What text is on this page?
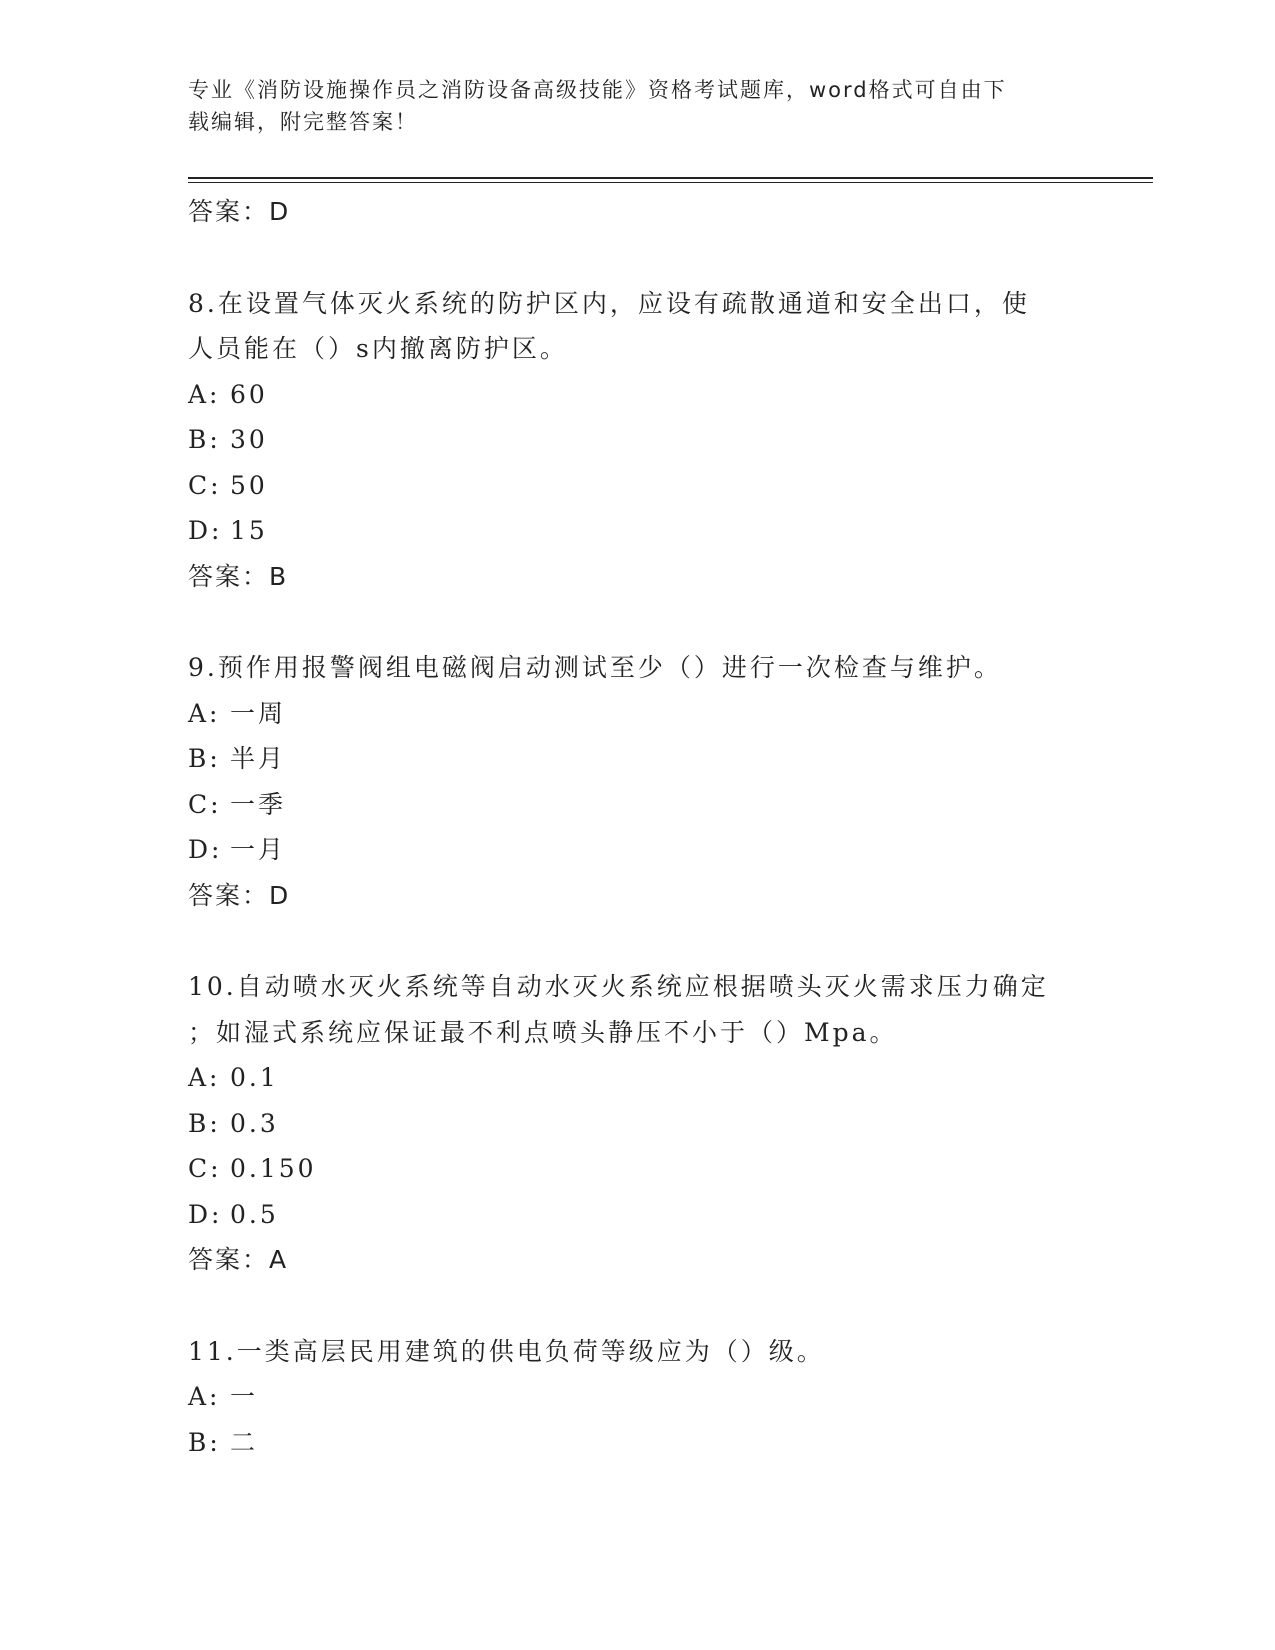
专业《消防设施操作员之消防设备高级技能》资格考试题库，word格式可自由下
载编辑，附完整答案！
答案：D
8.在设置气体灭火系统的防护区内，应设有疏散通道和安全出口，使
人员能在（）s内撤离防护区。
A: 60
B: 30
C: 50
D: 15
答案：B
9.预作用报警阀组电磁阀启动测试至少（）进行一次检查与维护。
A: 一周
B: 半月
C: 一季
D: 一月
答案：D
10.自动喷水灭火系统等自动水灭火系统应根据喷头灭火需求压力确定
；如湿式系统应保证最不利点喷头静压不小于（）Mpa。
A: 0.1
B: 0.3
C: 0.150
D: 0.5
答案：A
11.一类高层民用建筑的供电负荷等级应为（）级。
A: 一
B: 二
